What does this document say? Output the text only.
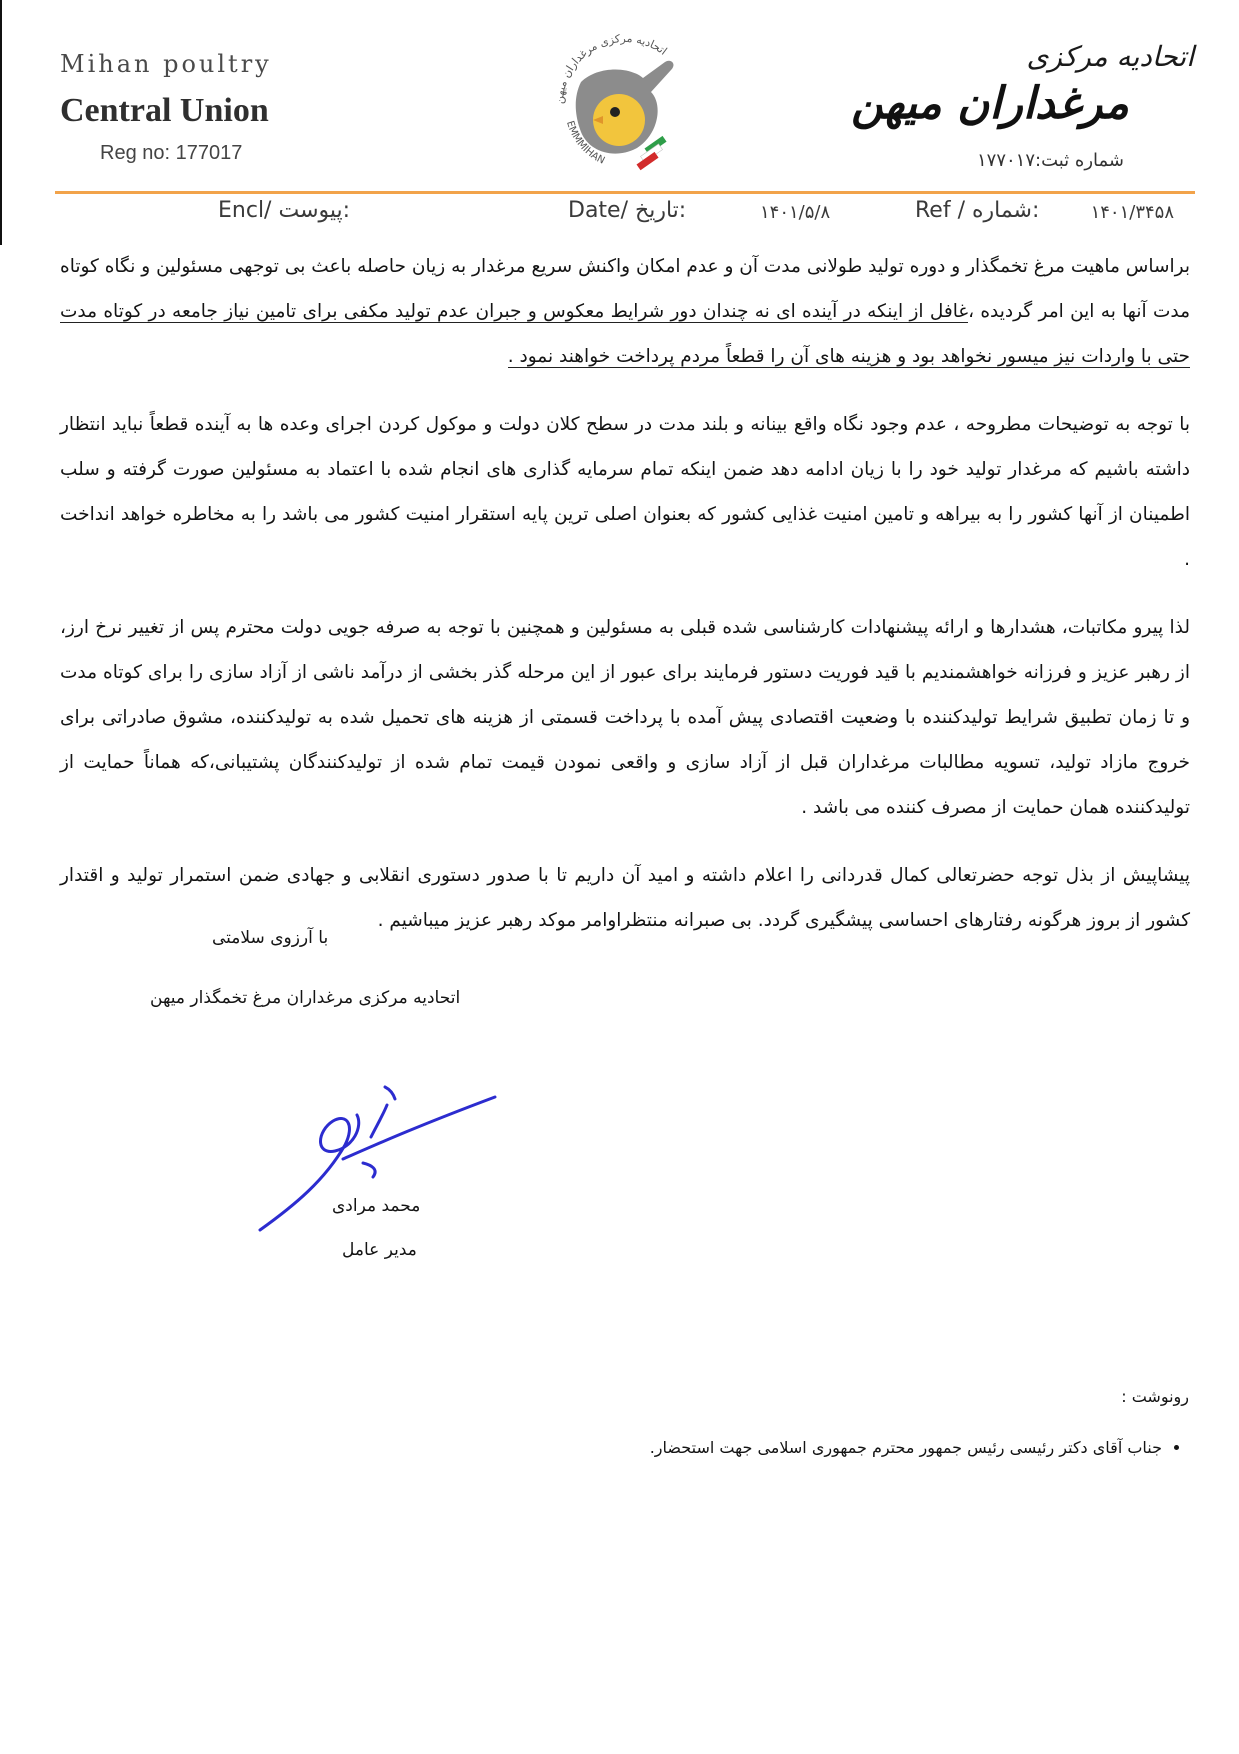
Mihan poultry
Central Union
Reg no: 177017
اتحادیه مرکزی مرغداران میهن
EMMMIHAN
اتحادیه مرکزی
مرغداران میهن
شماره ثبت:۱۷۷۰۱۷
۱۴۰۱/۳۴۵۸
Ref / شماره:
۱۴۰۱/۵/۸
Date/ تاریخ:
Encl/ پیوست:

براساس ماهیت مرغ تخمگذار و دوره تولید طولانی مدت آن و عدم امکان واکنش سریع مرغدار به زیان حاصله باعث بی توجهی مسئولین و نگاه کوتاه مدت آنها به این امر گردیده ،غافل از اینکه در آینده ای نه چندان دور شرایط معکوس و جبران عدم تولید مکفی برای تامین نیاز جامعه در کوتاه مدت حتی با واردات نیز میسور نخواهد بود و هزینه های آن را قطعاً مردم پرداخت خواهند نمود .

با توجه به توضیحات مطروحه ، عدم وجود نگاه واقع بینانه و بلند مدت در سطح کلان دولت و موکول کردن اجرای وعده ها به آینده قطعاً نباید انتظار داشته باشیم که مرغدار تولید خود را با زیان ادامه دهد ضمن اینکه تمام سرمایه گذاری های انجام شده با اعتماد به مسئولین صورت گرفته و سلب اطمینان از آنها کشور را به بیراهه و تامین امنیت غذایی کشور که بعنوان اصلی ترین پایه استقرار امنیت کشور می باشد را به مخاطره خواهد انداخت .

لذا پیرو مکاتبات، هشدارها و ارائه پیشنهادات کارشناسی شده قبلی به مسئولین و همچنین با توجه به صرفه جویی دولت محترم پس از تغییر نرخ ارز، از رهبر عزیز و فرزانه خواهشمندیم با قید فوریت دستور فرمایند برای عبور از این مرحله گذر بخشی از درآمد ناشی از آزاد سازی را برای کوتاه مدت و تا زمان تطبیق شرایط تولیدکننده با وضعیت اقتصادی پیش آمده با پرداخت قسمتی از هزینه های تحمیل شده به تولیدکننده، مشوق صادراتی برای خروج مازاد تولید، تسویه مطالبات مرغداران قبل از آزاد سازی و واقعی نمودن قیمت تمام شده از تولیدکنندگان پشتیبانی،که هماناً حمایت از تولیدکننده همان حمایت از مصرف کننده می باشد .

پیشاپیش از بذل توجه حضرتعالی کمال قدردانی را اعلام داشته و امید آن داریم تا با صدور دستوری انقلابی و جهادی ضمن استمرار تولید و اقتدار کشور از بروز هرگونه رفتارهای احساسی پیشگیری گردد. بی صبرانه منتظراوامر موکد رهبر عزیز میباشیم .

با آرزوی سلامتی
اتحادیه مرکزی مرغداران مرغ تخمگذار میهن
محمد مرادی
مدیر عامل
رونوشت :
• جناب آقای دکتر رئیسی رئیس جمهور محترم جمهوری اسلامی جهت استحضار.
